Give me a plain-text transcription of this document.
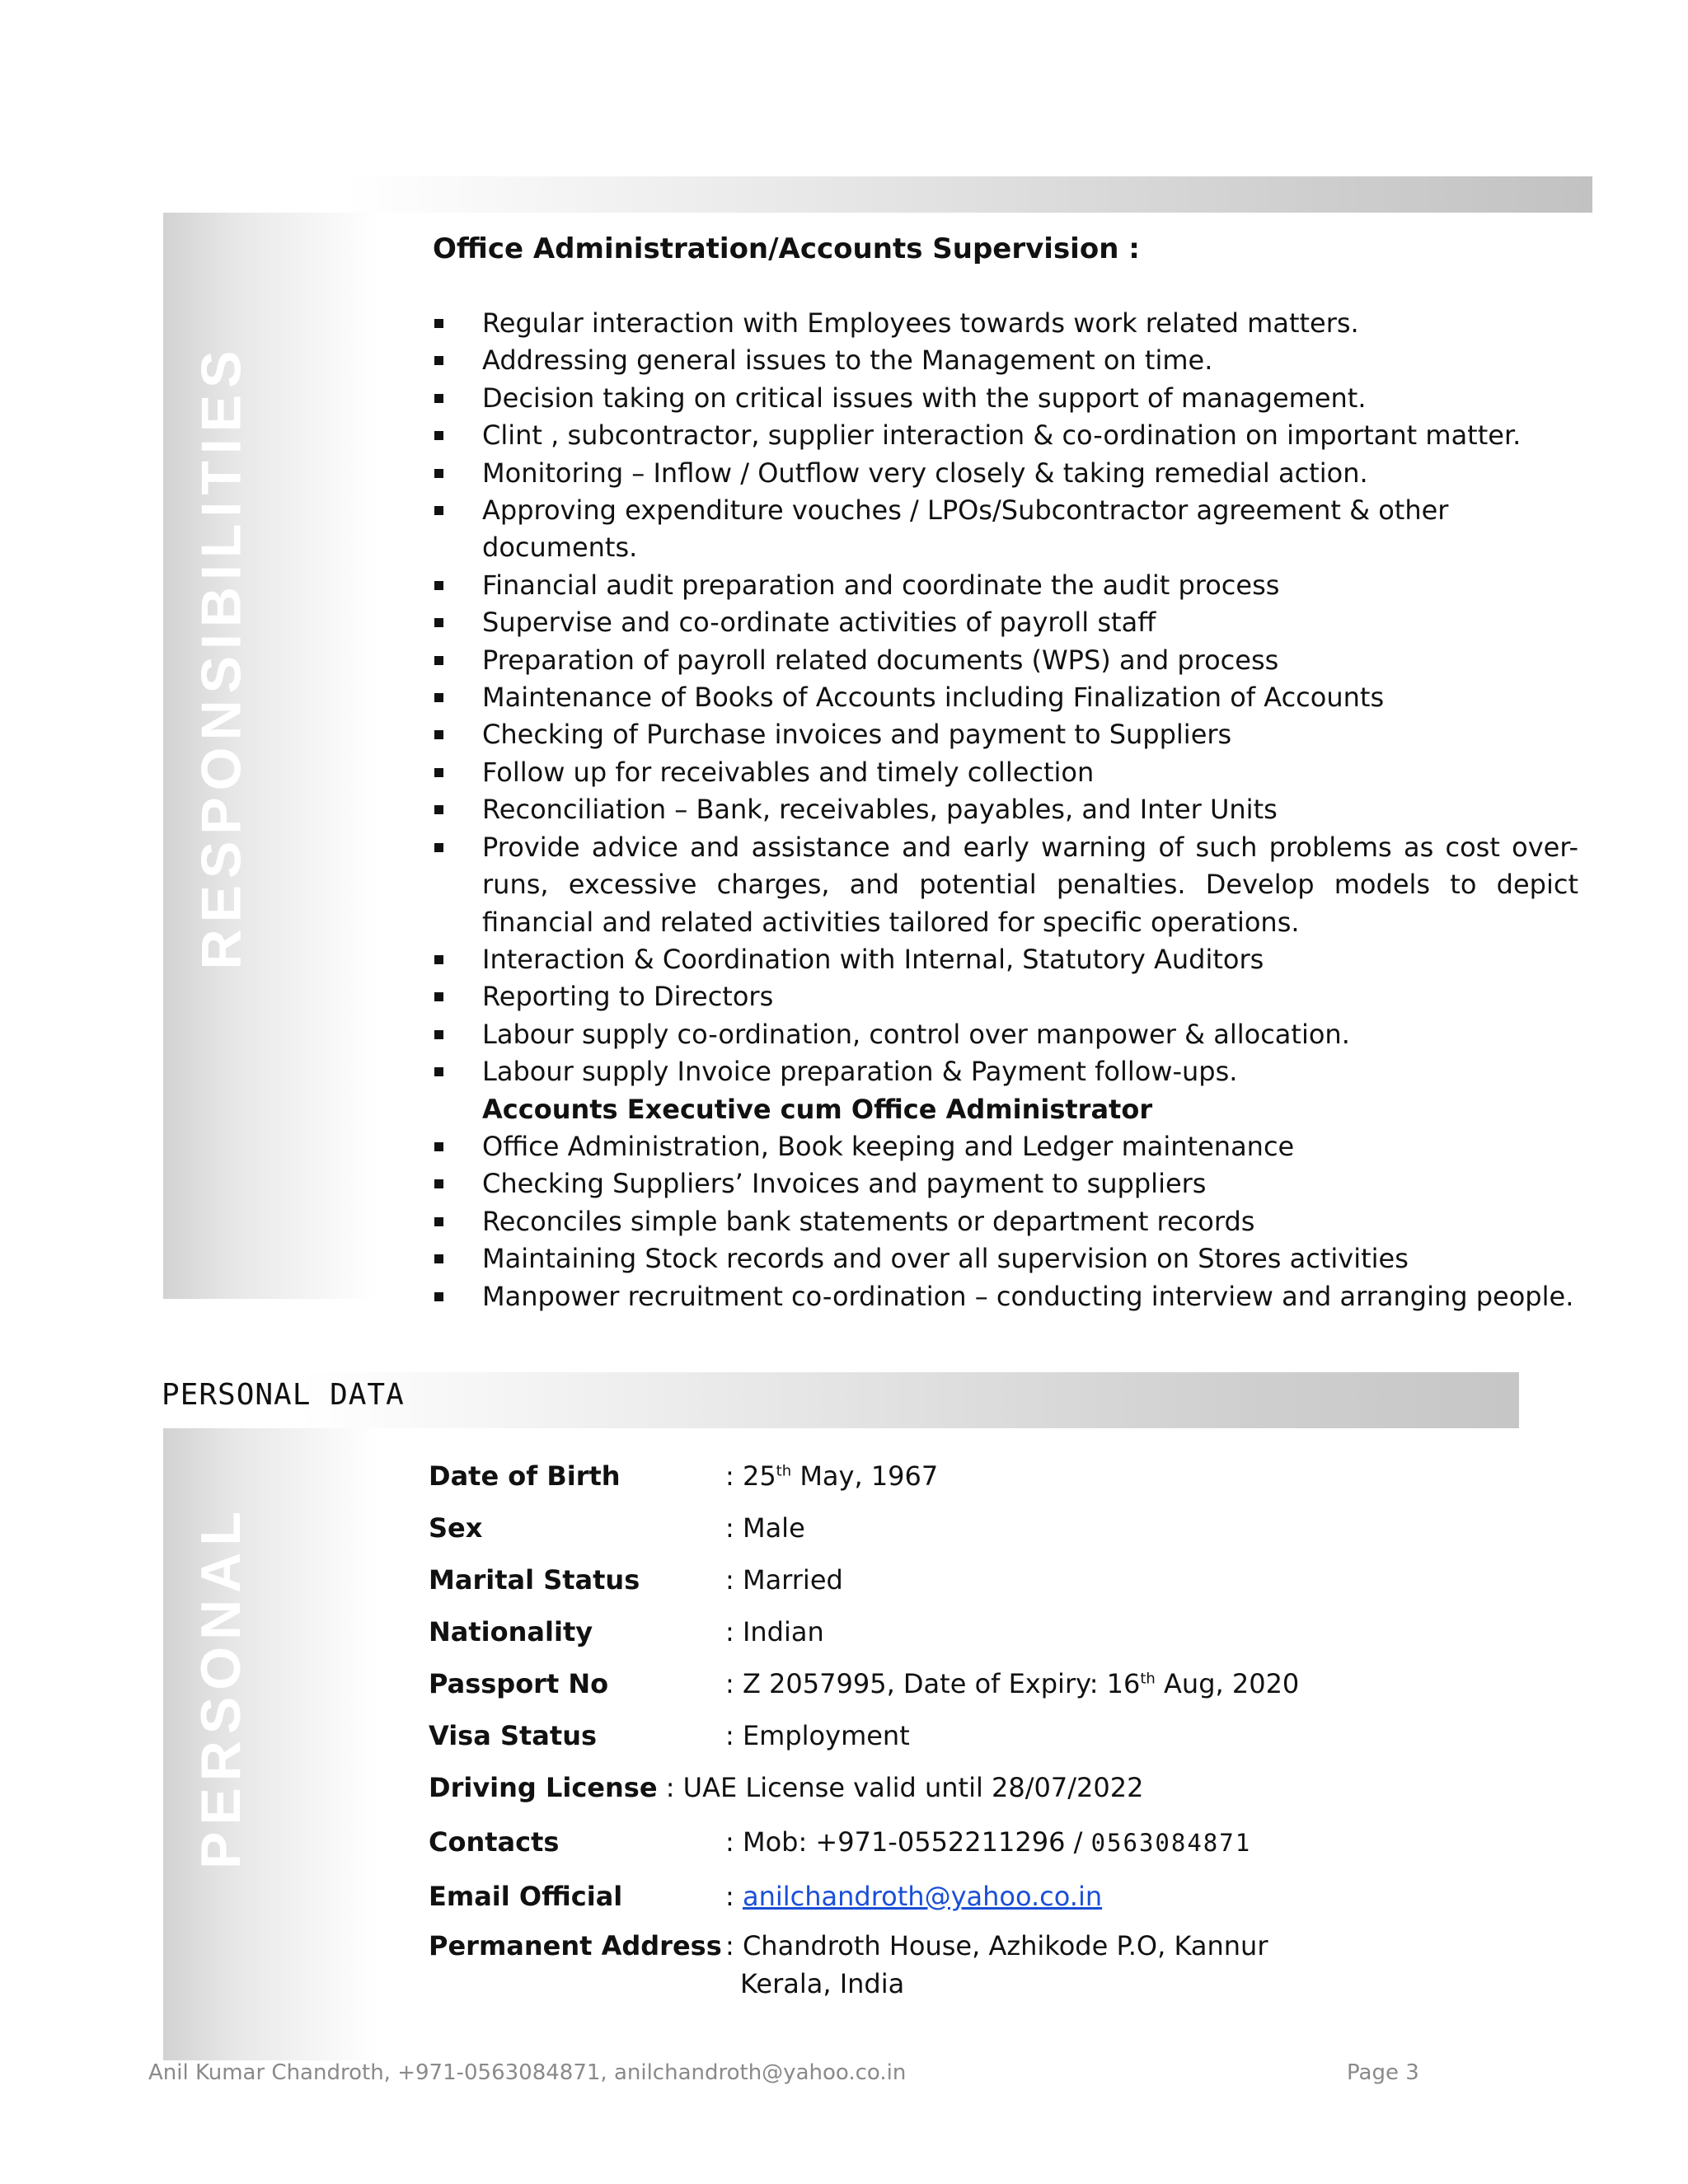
RESPONSIBILITIES
Office Administration/Accounts Supervision :
Regular interaction with Employees towards work related matters.
Addressing general issues to the Management on time.
Decision taking on critical issues with the support of management.
Clint , subcontractor, supplier interaction & co-ordination on important matter.
Monitoring – Inflow / Outflow very closely & taking remedial action.
Approving expenditure vouches / LPOs/Subcontractor agreement & other documents.
Financial audit preparation and coordinate the audit process
Supervise and co-ordinate activities of payroll staff
Preparation of payroll related documents (WPS) and process
Maintenance of Books of Accounts including Finalization of Accounts
Checking of Purchase invoices and payment to Suppliers
Follow up for receivables and timely collection
Reconciliation – Bank, receivables, payables, and Inter Units
Provide advice and assistance and early warning of such problems as cost over-runs, excessive charges, and potential penalties. Develop models to depict financial and related activities tailored for specific operations.
Interaction & Coordination with Internal, Statutory Auditors
Reporting to Directors
Labour supply co-ordination, control over manpower & allocation.
Labour supply Invoice preparation & Payment follow-ups.
Accounts Executive cum Office Administrator
Office Administration, Book keeping and Ledger maintenance
Checking Suppliers’ Invoices and payment to suppliers
Reconciles simple bank statements or department records
Maintaining Stock records and over all supervision on Stores activities
Manpower recruitment co-ordination – conducting interview and arranging people.
PERSONAL DATA
PERSONAL
Date of Birth	: 25th May, 1967
Sex	: Male
Marital Status	: Married
Nationality	: Indian
Passport No	: Z 2057995, Date of Expiry: 16th Aug, 2020
Visa Status	: Employment
Driving License : UAE License valid until 28/07/2022
Contacts	: Mob: +971-0552211296 / 0563084871
Email Official	: anilchandroth@yahoo.co.in
Permanent Address : Chandroth House, Azhikode P.O, Kannur
Kerala, India
Anil Kumar Chandroth, +971-0563084871, anilchandroth@yahoo.co.in	Page 3
